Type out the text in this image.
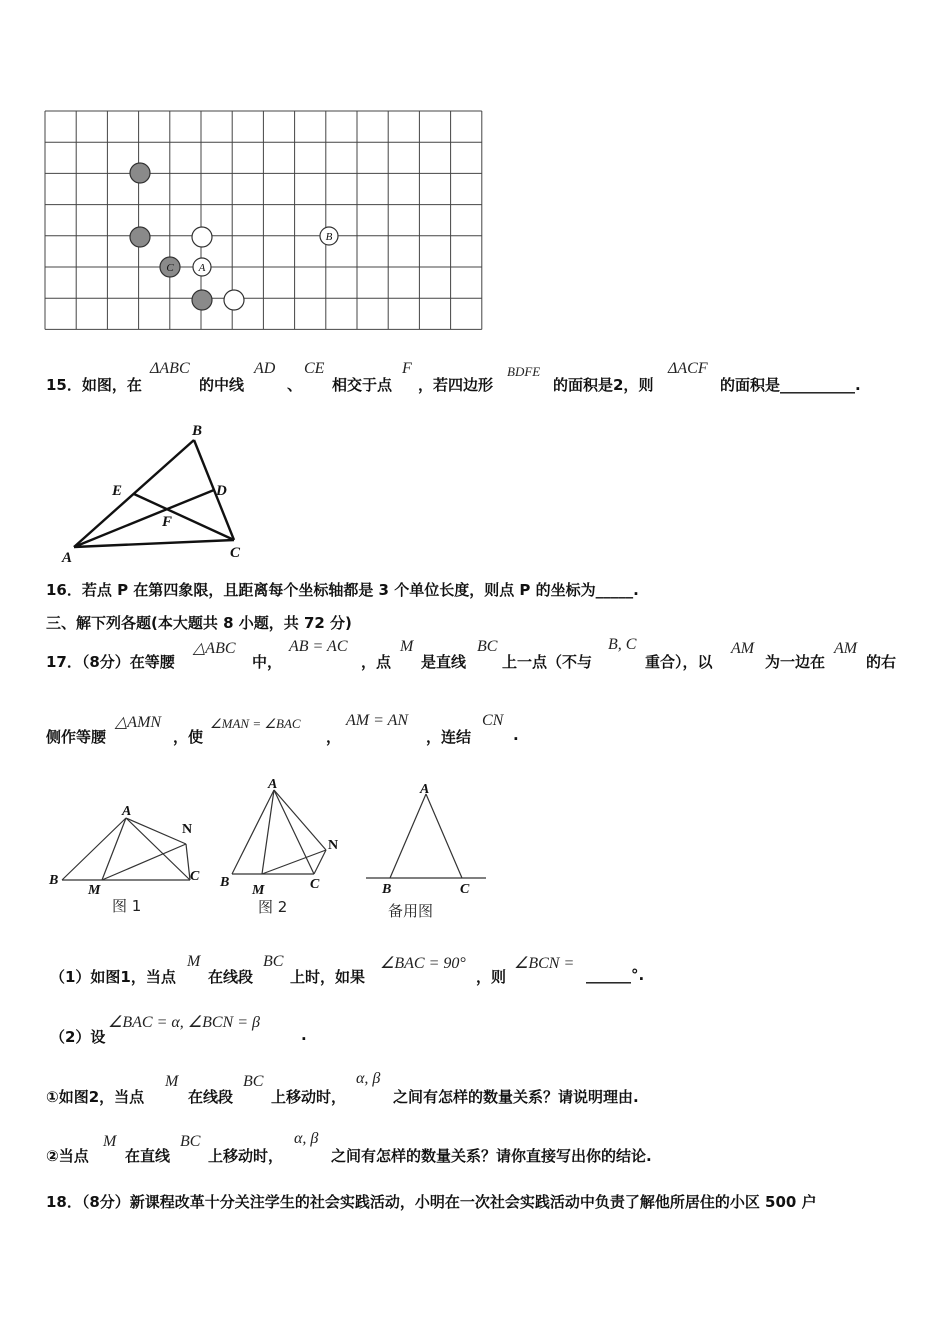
B
C A
15．如图，在
ΔABC
的中线
AD
、
CE
相交于点
F
，若四边形
BDFE
的面积是2，则
ΔACF
的面积是__________.
B
E	D
F
A	C
16．若点 P 在第四象限，且距离每个坐标轴都是 3 个单位长度，则点 P 的坐标为_____.
三、解下列各题(本大题共 8 小题，共 72 分)
17．（8分）在等腰
△ABC
中，
AB = AC
，点
M
是直线
BC
上一点（不与
B, C
重合），以
AM
为一边在
AM
的右
侧作等腰
△AMN
，使
∠MAN = ∠BAC
，
AM = AN
，连结
CN
.
A
N
B
M
C
图 1
A
N
B
M	C
图 2
A
B	C
备用图
（1）如图1，当点
M
在线段
BC
上时，如果
∠BAC = 90°
，则
∠BCN =
______°.
（2）设
∠BAC = α, ∠BCN = β
.
①如图2，当点
M
在线段
BC
上移动时，
α, β
之间有怎样的数量关系？请说明理由.
②当点
M
在直线
BC
上移动时，
α, β
之间有怎样的数量关系？请你直接写出你的结论.
18．（8分）新课程改革十分关注学生的社会实践活动，小明在一次社会实践活动中负责了解他所居住的小区 500 户
